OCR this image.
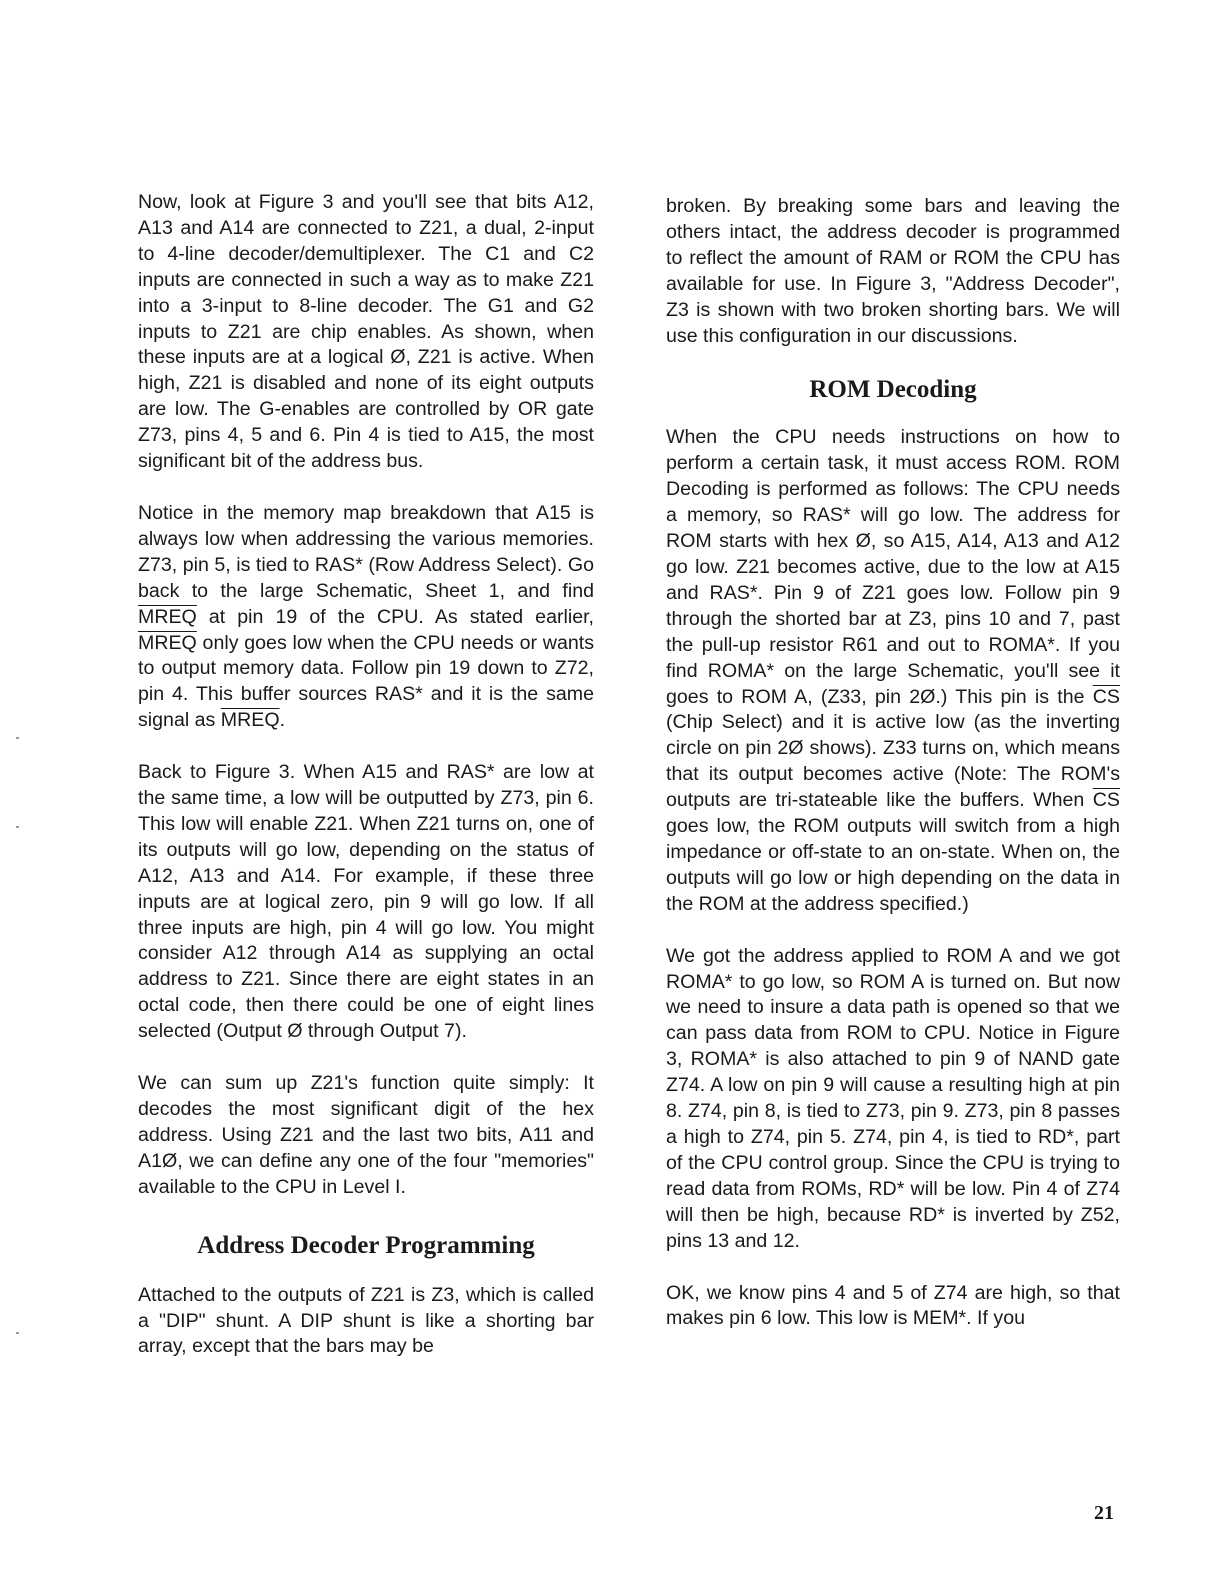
Now, look at Figure 3 and you'll see that bits A12, A13 and A14 are connected to Z21, a dual, 2-input to 4-line decoder/demultiplexer. The C1 and C2 inputs are connected in such a way as to make Z21 into a 3-input to 8-line decoder. The G1 and G2 inputs to Z21 are chip enables. As shown, when these inputs are at a logical Ø, Z21 is active. When high, Z21 is disabled and none of its eight outputs are low. The G-enables are controlled by OR gate Z73, pins 4, 5 and 6. Pin 4 is tied to A15, the most significant bit of the address bus.

Notice in the memory map breakdown that A15 is always low when addressing the various memories. Z73, pin 5, is tied to RAS* (Row Address Select). Go back to the large Schematic, Sheet 1, and find MREQ at pin 19 of the CPU. As stated earlier, MREQ only goes low when the CPU needs or wants to output memory data. Follow pin 19 down to Z72, pin 4. This buffer sources RAS* and it is the same signal as MREQ.

Back to Figure 3. When A15 and RAS* are low at the same time, a low will be outputted by Z73, pin 6. This low will enable Z21. When Z21 turns on, one of its outputs will go low, depending on the status of A12, A13 and A14. For example, if these three inputs are at logical zero, pin 9 will go low. If all three inputs are high, pin 4 will go low. You might consider A12 through A14 as supplying an octal address to Z21. Since there are eight states in an octal code, then there could be one of eight lines selected (Output Ø through Output 7).

We can sum up Z21's function quite simply: It decodes the most significant digit of the hex address. Using Z21 and the last two bits, A11 and A1Ø, we can define any one of the four "memories" available to the CPU in Level I.

Address Decoder Programming

Attached to the outputs of Z21 is Z3, which is called a "DIP" shunt. A DIP shunt is like a shorting bar array, except that the bars may be

broken. By breaking some bars and leaving the others intact, the address decoder is programmed to reflect the amount of RAM or ROM the CPU has available for use. In Figure 3, "Address Decoder", Z3 is shown with two broken shorting bars. We will use this configuration in our discussions.

ROM Decoding

When the CPU needs instructions on how to perform a certain task, it must access ROM. ROM Decoding is performed as follows: The CPU needs a memory, so RAS* will go low. The address for ROM starts with hex Ø, so A15, A14, A13 and A12 go low. Z21 becomes active, due to the low at A15 and RAS*. Pin 9 of Z21 goes low. Follow pin 9 through the shorted bar at Z3, pins 10 and 7, past the pull-up resistor R61 and out to ROMA*. If you find ROMA* on the large Schematic, you'll see it goes to ROM A, (Z33, pin 2Ø.) This pin is the $\overline{CS}$ (Chip Select) and it is active low (as the inverting circle on pin 2Ø shows). Z33 turns on, which means that its output becomes active (Note: The ROM's outputs are tri-stateable like the buffers. When $\overline{CS}$ goes low, the ROM outputs will switch from a high impedance or off-state to an on-state. When on, the outputs will go low or high depending on the data in the ROM at the address specified.)

We got the address applied to ROM A and we got ROMA* to go low, so ROM A is turned on. But now we need to insure a data path is opened so that we can pass data from ROM to CPU. Notice in Figure 3, ROMA* is also attached to pin 9 of NAND gate Z74. A low on pin 9 will cause a resulting high at pin 8. Z74, pin 8, is tied to Z73, pin 9. Z73, pin 8 passes a high to Z74, pin 5. Z74, pin 4, is tied to RD*, part of the CPU control group. Since the CPU is trying to read data from ROMs, RD* will be low. Pin 4 of Z74 will then be high, because RD* is inverted by Z52, pins 13 and 12.

OK, we know pins 4 and 5 of Z74 are high, so that makes pin 6 low. This low is MEM*. If you

21
